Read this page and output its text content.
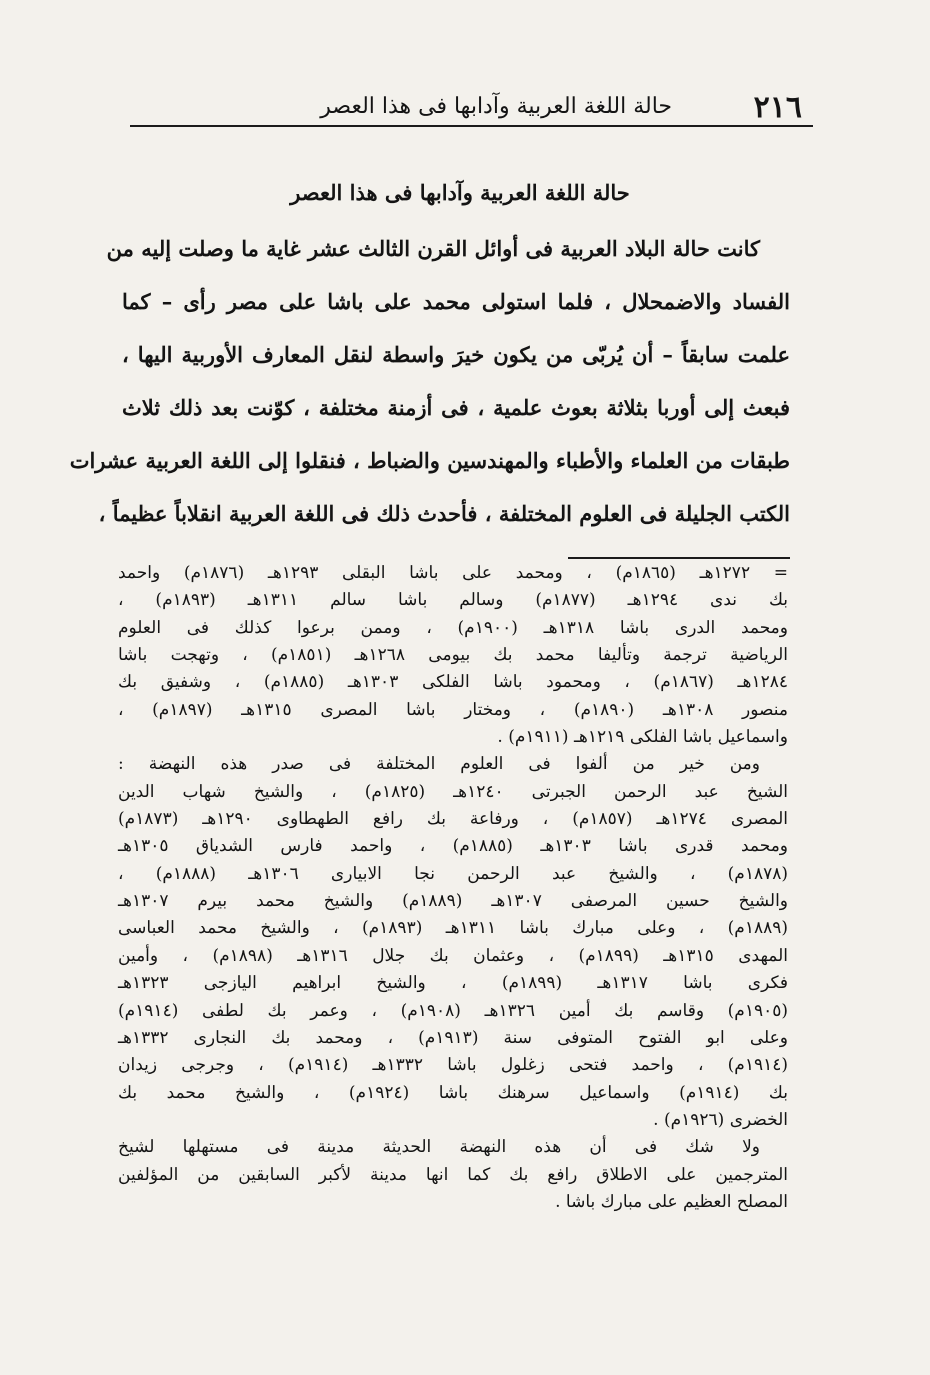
٢١٦
حالة اللغة العربية وآدابها فى هذا العصر
حالة اللغة العربية وآدابها فى هذا العصر
كانت حالة البلاد العربية فى أوائل القرن الثالث عشر غاية ما وصلت إليه من
الفساد والاضمحلال ، فلما استولى محمد على باشا على مصر رأى – كما
علمت سابقاً – أن يُربّى من يكون خيرَ واسطة لنقل المعارف الأوربية اليها ،
فبعث إلى أوربا بثلاثة بعوث علمية ، فى أزمنة مختلفة ، كوّنت بعد ذلك ثلاث
طبقات من العلماء والأطباء والمهندسين والضباط ، فنقلوا إلى اللغة العربية عشرات
الكتب الجليلة فى العلوم المختلفة ، فأحدث ذلك فى اللغة العربية انقلاباً عظيماً ،
= ١٢٧٢هـ (١٨٦٥م) ، ومحمد على باشا البقلى ١٢٩٣هـ (١٨٧٦م) واحمد
بك ندى ١٢٩٤هـ (١٨٧٧م) وسالم باشا سالم ١٣١١هـ (١٨٩٣م) ،
ومحمد الدرى باشا ١٣١٨هـ (١٩٠٠م) ، وممن برعوا كذلك فى العلوم
الرياضية ترجمة وتأليفا محمد بك بيومى ١٢٦٨هـ (١٨٥١م) ، وتهجت باشا
١٢٨٤هـ (١٨٦٧م) ، ومحمود باشا الفلكى ١٣٠٣هـ (١٨٨٥م) ، وشفيق بك
منصور ١٣٠٨هـ (١٨٩٠م) ، ومختار باشا المصرى ١٣١٥هـ (١٨٩٧م) ،
واسماعيل باشا الفلكى ١٢١٩هـ (١٩١١م) .
ومن خير من ألفوا فى العلوم المختلفة فى صدر هذه النهضة :
الشيخ عبد الرحمن الجبرتى ١٢٤٠هـ (١٨٢٥م) ، والشيخ شهاب الدين
المصرى ١٢٧٤هـ (١٨٥٧م) ، ورفاعة بك رافع الطهطاوى ١٢٩٠هـ (١٨٧٣م)
ومحمد قدرى باشا ١٣٠٣هـ (١٨٨٥م) ، واحمد فارس الشدياق ١٣٠٥هـ
(١٨٧٨م) ، والشيخ عبد الرحمن نجا الابيارى ١٣٠٦هـ (١٨٨٨م) ،
والشيخ حسين المرصفى ١٣٠٧هـ (١٨٨٩م) والشيخ محمد بيرم ١٣٠٧هـ
(١٨٨٩م) ، وعلى مبارك باشا ١٣١١هـ (١٨٩٣م) ، والشيخ محمد العباسى
المهدى ١٣١٥هـ (١٨٩٩م) ، وعثمان بك جلال ١٣١٦هـ (١٨٩٨م) ، وأمين
فكرى باشا ١٣١٧هـ (١٨٩٩م) ، والشيخ ابراهيم اليازجى ١٣٢٣هـ
(١٩٠٥م) وقاسم بك أمين ١٣٢٦هـ (١٩٠٨م) ، وعمر بك لطفى (١٩١٤م)
وعلى ابو الفتوح المتوفى سنة (١٩١٣م) ، ومحمد بك النجارى ١٣٣٢هـ
(١٩١٤م) ، واحمد فتحى زغلول باشا ١٣٣٢هـ (١٩١٤م) ، وجرجى زيدان
بك (١٩١٤م) واسماعيل سرهنك باشا (١٩٢٤م) ، والشيخ محمد بك
الخضرى (١٩٢٦م) .
ولا شك فى أن هذه النهضة الحديثة مدينة فى مستهلها لشيخ
المترجمين على الاطلاق رافع بك كما انها مدينة لأكبر السابقين من المؤلفين
المصلح العظيم على مبارك باشا .
